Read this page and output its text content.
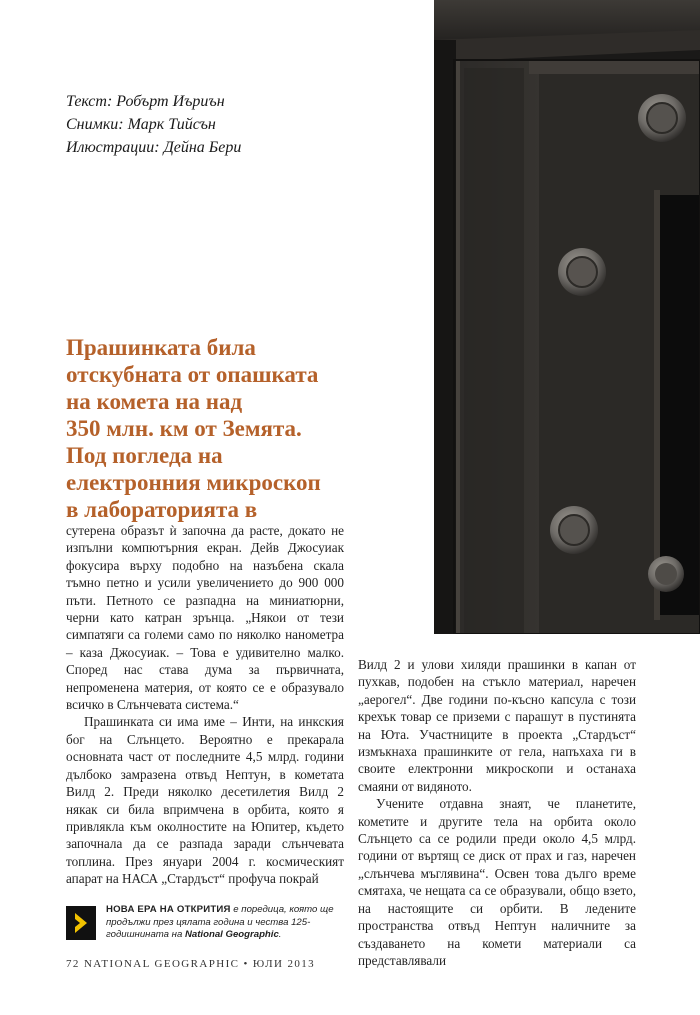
Текст: Робърт Иъриън
Снимки: Марк Тийсън
Илюстрации: Дейна Бери
Прашинката била
отскубната от опашката
на комета на над
350 млн. км от Земята.
Под погледа на
електронния микроскоп
в лабораторията в

сутерена образът ѝ започна да расте, докато не изпълни компютърния екран. Дейв Джосуиак фокусира върху подобно на назъбена скала тъмно петно и усили увеличението до 900 000 пъти. Петното се разпадна на миниатюрни, черни като катран зрънца. „Някои от тези симпатяги са големи само по няколко нанометра – каза Джосуиак. – Това е удивително малко. Според нас става дума за първичната, непроменена материя, от която се е образувало всичко в Слънчевата система.“

Прашинката си има име – Инти, на инкския бог на Слънцето. Вероятно е прекарала основната част от последните 4,5 млрд. години дълбоко замразена отвъд Нептун, в кометата Вилд 2. Преди няколко десетилетия Вилд 2 някак си била впримчена в орбита, която я привлякла към околностите на Юпитер, където започнала да се разпада заради слънчевата топлина. През януари 2004 г. космическият апарат на НАСА „Стардъст“ профуча покрай

Вилд 2 и улови хиляди прашинки в капан от пухкав, подобен на стъкло материал, наречен „аерогел“. Две години по-късно капсула с този крехък товар се приземи с парашут в пустинята на Юта. Участниците в проекта „Стардъст“ измъкнаха прашинките от гела, напъхаха ги в своите електронни микроскопи и останаха смаяни от видяното.

Учените отдавна знаят, че планетите, кометите и другите тела на орбита около Слънцето са се родили преди около 4,5 млрд. години от въртящ се диск от прах и газ, наречен „слънчева мъглявина“. Освен това дълго време смятаха, че нещата са се образували, общо взето, на настоящите си орбити. В ледените пространства отвъд Нептун наличните за създаването на комети материали са представлявали

НОВА ЕРА НА ОТКРИТИЯ е поредица, която ще продължи през цялата година и чества 125-годишнината на National Geographic.
72 NATIONAL GEOGRAPHIC • ЮЛИ 2013
